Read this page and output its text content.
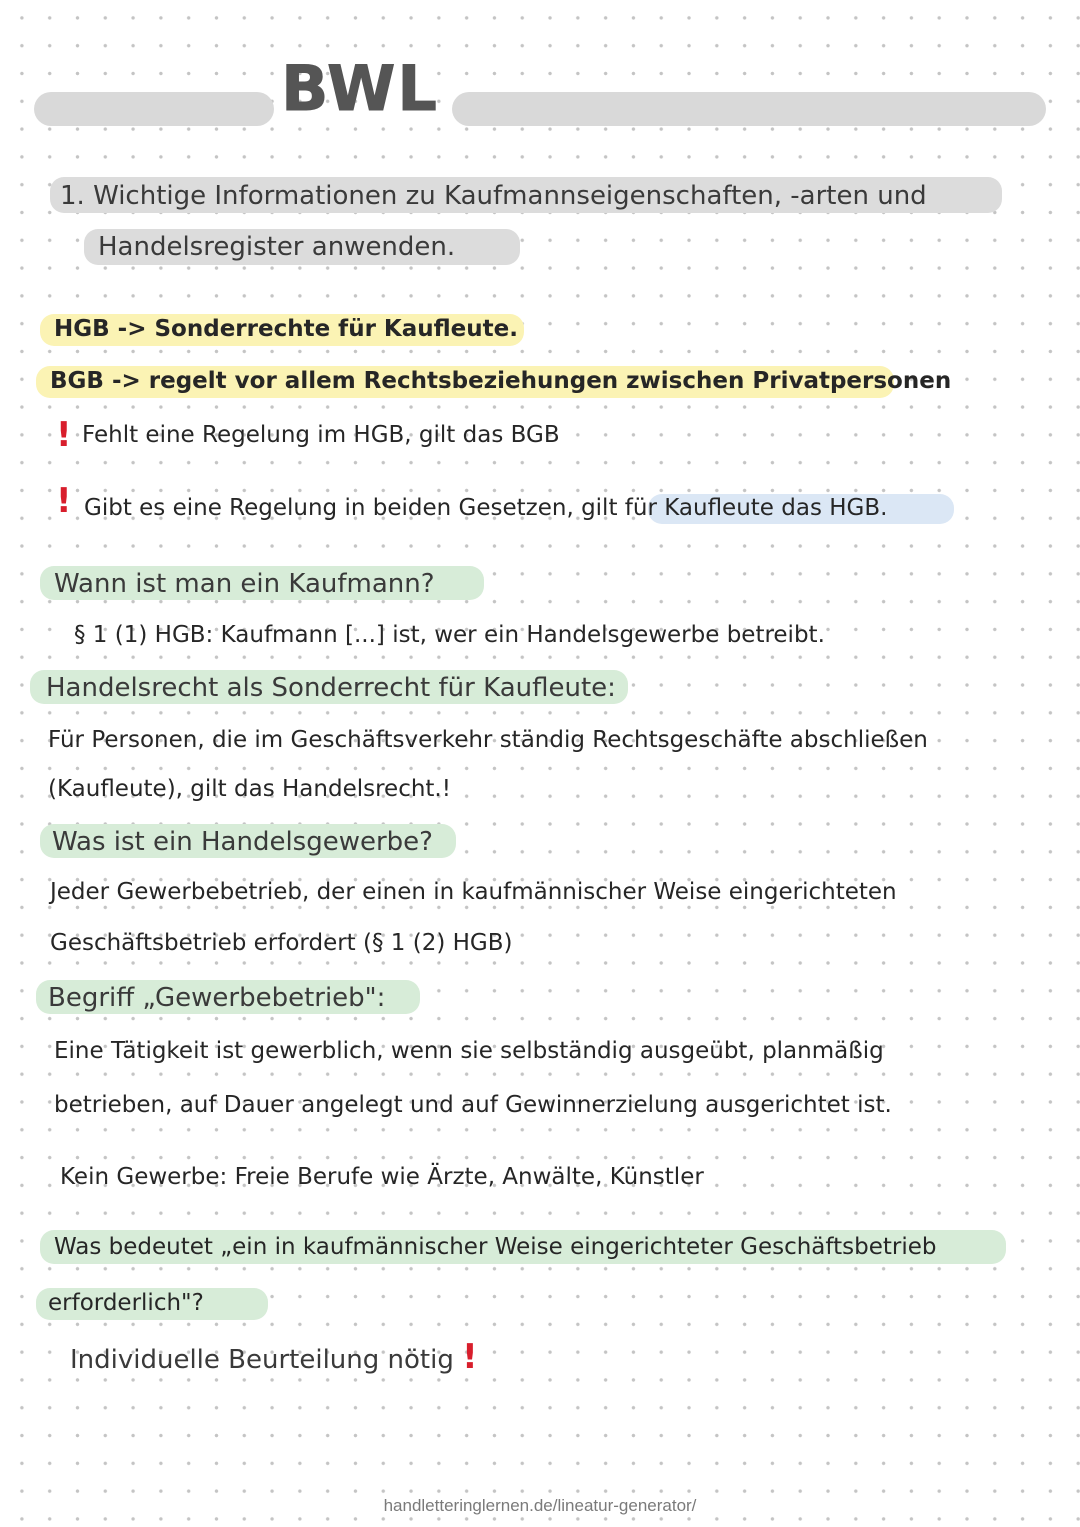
BWL
1. Wichtige Informationen zu Kaufmannseigenschaften, -arten und
Handelsregister anwenden.
HGB -> Sonderrechte für Kaufleute.
BGB -> regelt vor allem Rechtsbeziehungen zwischen Privatpersonen
! Fehlt eine Regelung im HGB, gilt das BGB
! Gibt es eine Regelung in beiden Gesetzen, gilt für Kaufleute das HGB.
Wann ist man ein Kaufmann?
§ 1 (1) HGB: Kaufmann [...] ist, wer ein Handelsgewerbe betreibt.
Handelsrecht als Sonderrecht für Kaufleute:
Für Personen, die im Geschäftsverkehr ständig Rechtsgeschäfte abschließen
(Kaufleute), gilt das Handelsrecht.!
Was ist ein Handelsgewerbe?
Jeder Gewerbebetrieb, der einen in kaufmännischer Weise eingerichteten
Geschäftsbetrieb erfordert (§ 1 (2) HGB)
Begriff „Gewerbebetrieb":
Eine Tätigkeit ist gewerblich, wenn sie selbständig ausgeübt, planmäßig
betrieben, auf Dauer angelegt und auf Gewinnerzielung ausgerichtet ist.
Kein Gewerbe: Freie Berufe wie Ärzte, Anwälte, Künstler
Was bedeutet „ein in kaufmännischer Weise eingerichteter Geschäftsbetrieb
erforderlich"?
Individuelle Beurteilung nötig !
handletteringlernen.de/lineatur-generator/
